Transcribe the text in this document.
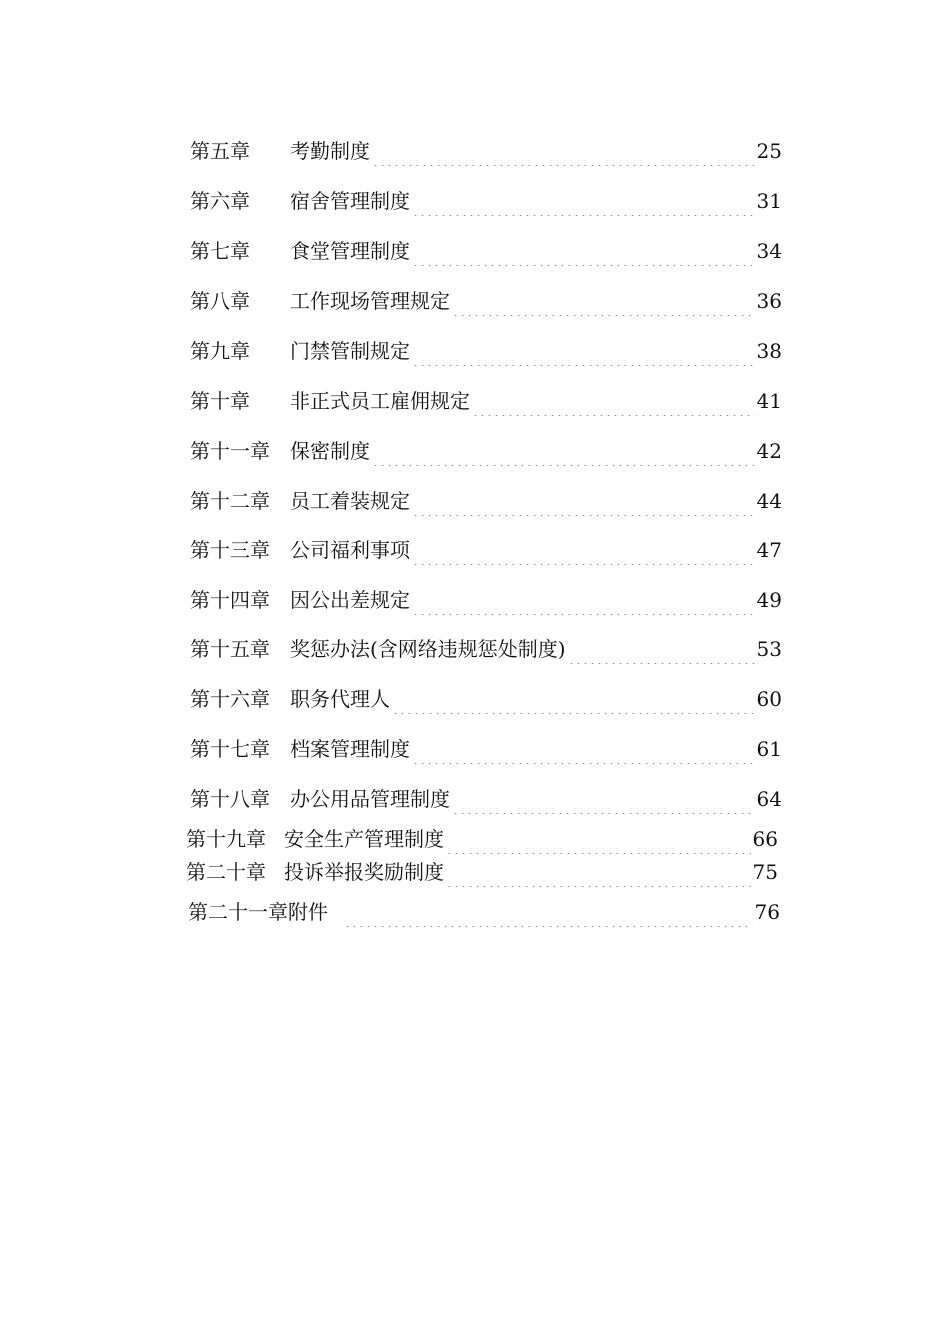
第五章	考勤制度	25
第六章	宿舍管理制度	31
第七章	食堂管理制度	34
第八章	工作现场管理规定	36
第九章	门禁管制规定	38
第十章	非正式员工雇佣规定	41
第十一章	保密制度	42
第十二章	员工着装规定	44
第十三章	公司福利事项	47
第十四章	因公出差规定	49
第十五章	奖惩办法(含网络违规惩处制度)	53
第十六章	职务代理人	60
第十七章	档案管理制度	61
第十八章	办公用品管理制度	64
第十九章 安全生产管理制度	66
第二十章 投诉举报奖励制度	75
第二十一章 附件	76
